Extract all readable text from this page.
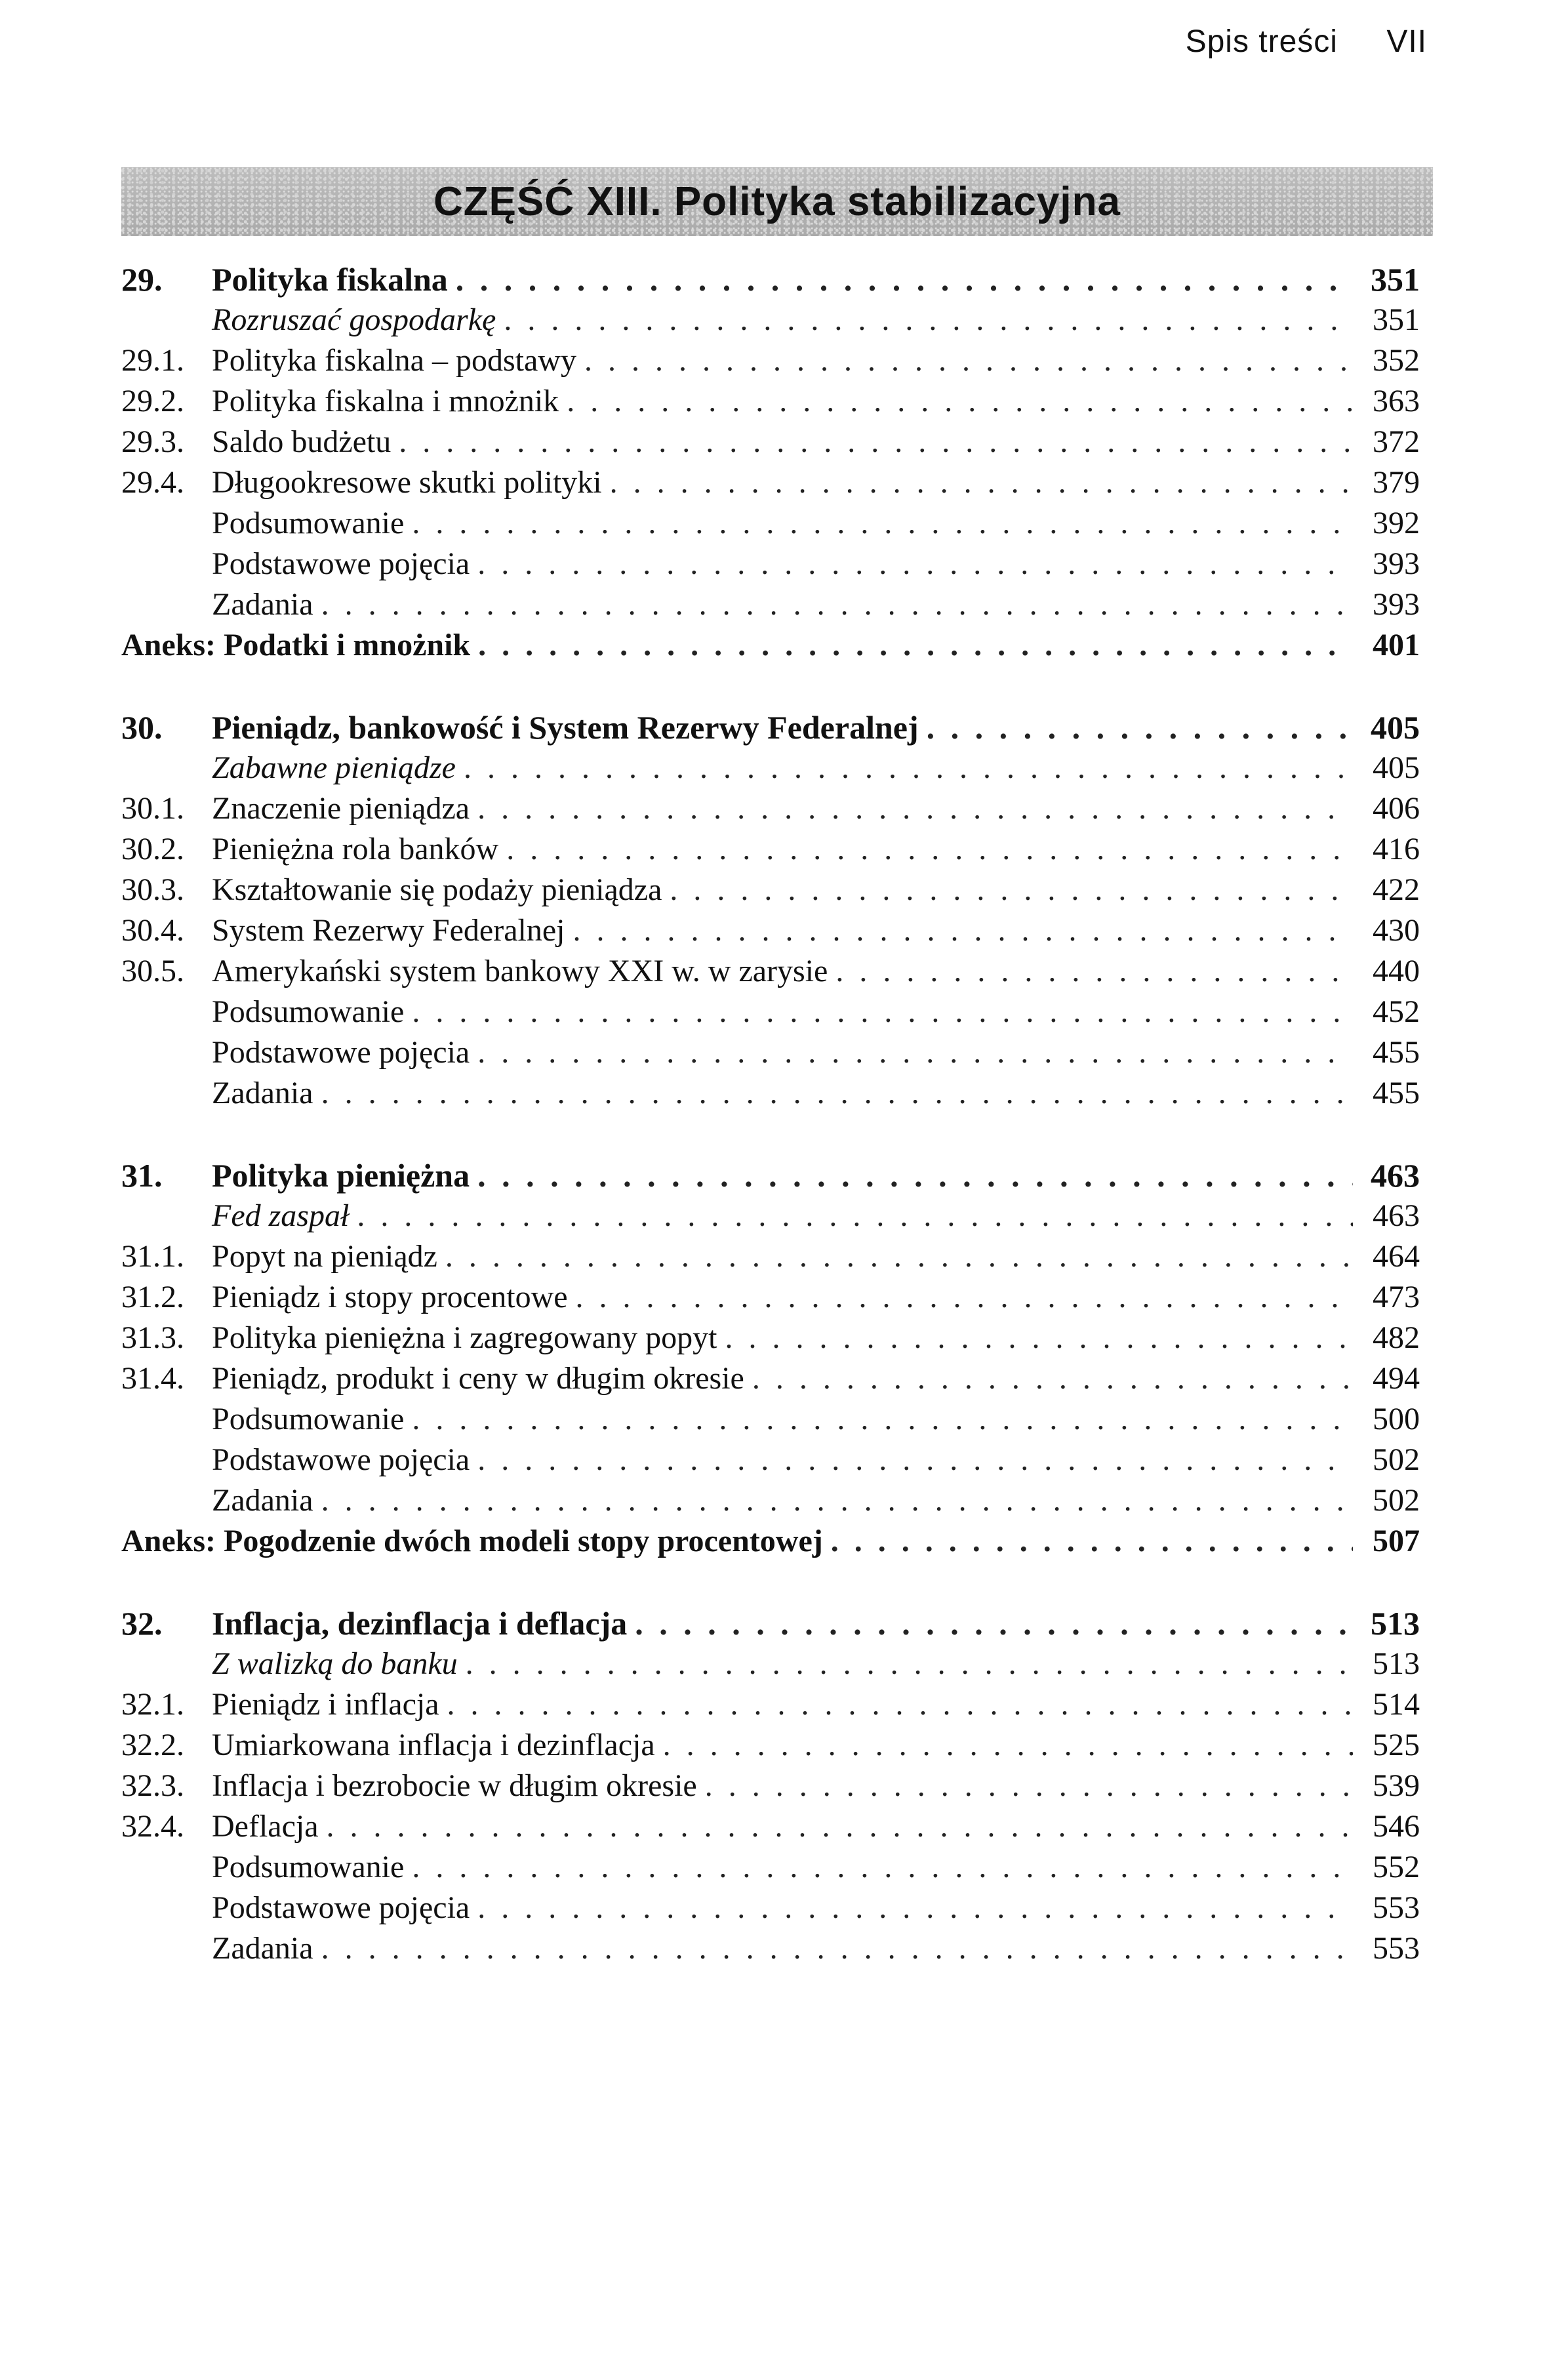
Spis treści VII
CZĘŚĆ XIII. Polityka stabilizacyjna
29.	Polityka fiskalna . . .	351
Rozruszać gospodarkę . . .	351
29.1. Polityka fiskalna – podstawy . . .	352
29.2. Polityka fiskalna i mnożnik . . .	363
29.3. Saldo budżetu . . .	372
29.4. Długookresowe skutki polityki . . .	379
Podsumowanie . . .	392
Podstawowe pojęcia . . .	393
Zadania . . .	393
Aneks: Podatki i mnożnik . . .	401
30.	Pieniądz, bankowość i System Rezerwy Federalnej . . .	405
Zabawne pieniądze . . .	405
30.1. Znaczenie pieniądza . . .	406
30.2. Pieniężna rola banków . . .	416
30.3. Kształtowanie się podaży pieniądza . . .	422
30.4. System Rezerwy Federalnej . . .	430
30.5. Amerykański system bankowy XXI w. w zarysie . . .	440
Podsumowanie . . .	452
Podstawowe pojęcia . . .	455
Zadania . . .	455
31.	Polityka pieniężna . . .	463
Fed zaspał . . .	463
31.1. Popyt na pieniądz . . .	464
31.2. Pieniądz i stopy procentowe . . .	473
31.3. Polityka pieniężna i zagregowany popyt . . .	482
31.4. Pieniądz, produkt i ceny w długim okresie . . .	494
Podsumowanie . . .	500
Podstawowe pojęcia . . .	502
Zadania . . .	502
Aneks: Pogodzenie dwóch modeli stopy procentowej . . .	507
32.	Inflacja, dezinflacja i deflacja . . .	513
Z walizką do banku . . .	513
32.1. Pieniądz i inflacja . . .	514
32.2. Umiarkowana inflacja i dezinflacja . . .	525
32.3. Inflacja i bezrobocie w długim okresie . . .	539
32.4. Deflacja . . .	546
Podsumowanie . . .	552
Podstawowe pojęcia . . .	553
Zadania . . .	553
